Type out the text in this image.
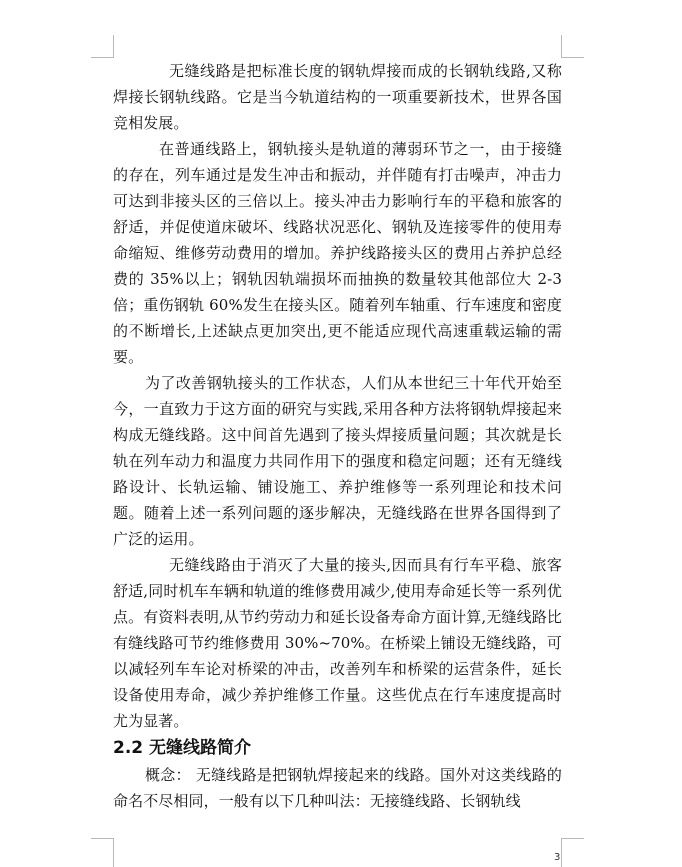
无缝线路是把标准长度的钢轨焊接而成的长钢轨线路,又称焊接长钢轨线路。它是当今轨道结构的一项重要新技术，世界各国竞相发展。

在普通线路上，钢轨接头是轨道的薄弱环节之一，由于接缝的存在，列车通过是发生冲击和振动，并伴随有打击噪声，冲击力可达到非接头区的三倍以上。接头冲击力影响行车的平稳和旅客的舒适，并促使道床破坏、线路状况恶化、钢轨及连接零件的使用寿命缩短、维修劳动费用的增加。养护线路接头区的费用占养护总经费的 35%以上；钢轨因轨端损坏而抽换的数量较其他部位大 2-3 倍；重伤钢轨 60%发生在接头区。随着列车轴重、行车速度和密度的不断增长,上述缺点更加突出,更不能适应现代高速重载运输的需要。

为了改善钢轨接头的工作状态，人们从本世纪三十年代开始至今，一直致力于这方面的研究与实践,采用各种方法将钢轨焊接起来构成无缝线路。这中间首先遇到了接头焊接质量问题；其次就是长轨在列车动力和温度力共同作用下的强度和稳定问题；还有无缝线路设计、长轨运输、铺设施工、养护维修等一系列理论和技术问题。随着上述一系列问题的逐步解决，无缝线路在世界各国得到了广泛的运用。

无缝线路由于消灭了大量的接头,因而具有行车平稳、旅客舒适,同时机车车辆和轨道的维修费用减少,使用寿命延长等一系列优点。有资料表明,从节约劳动力和延长设备寿命方面计算,无缝线路比有缝线路可节约维修费用 30%~70%。在桥梁上铺设无缝线路，可以减轻列车车论对桥梁的冲击，改善列车和桥梁的运营条件，延长设备使用寿命，减少养护维修工作量。这些优点在行车速度提高时尤为显著。

2.2 无缝线路简介

概念： 无缝线路是把钢轨焊接起来的线路。国外对这类线路的命名不尽相同，一般有以下几种叫法：无接缝线路、长钢轨线

3
